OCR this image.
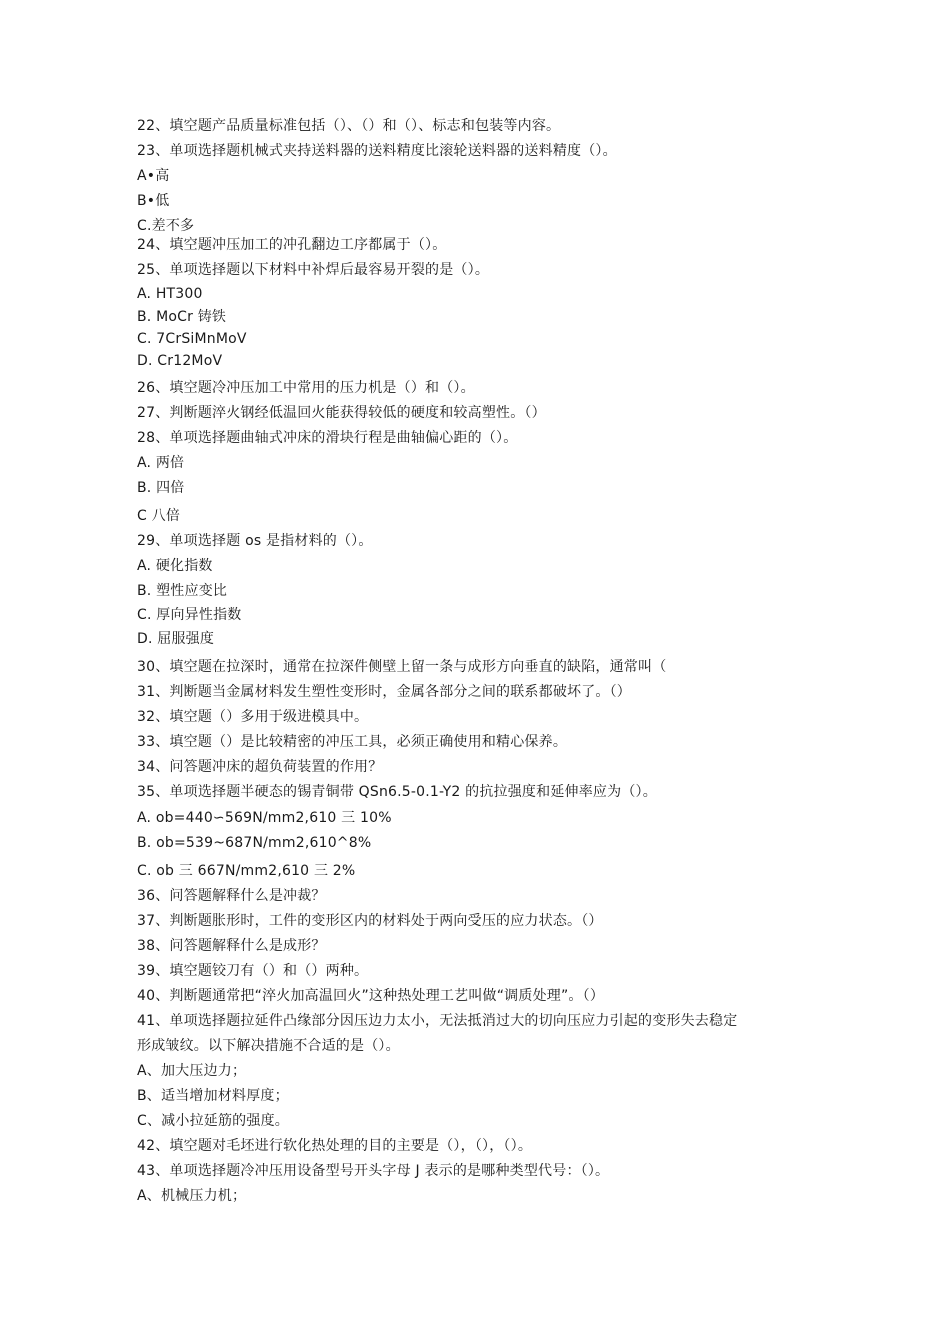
22、填空题产品质量标准包括（）、（）和（）、标志和包装等内容。
23、单项选择题机械式夹持送料器的送料精度比滚轮送料器的送料精度（）。
A•高
B•低
C.差不多
24、填空题冲压加工的冲孔翻边工序都属于（）。
25、单项选择题以下材料中补焊后最容易开裂的是（）。
A. HT300
B. MoCr 铸铁
C. 7CrSiMnMoV
D. Cr12MoV
26、填空题冷冲压加工中常用的压力机是（）和（）。
27、判断题淬火钢经低温回火能获得较低的硬度和较高塑性。（）
28、单项选择题曲轴式冲床的滑块行程是曲轴偏心距的（）。
A. 两倍
B. 四倍
C 八倍
29、单项选择题 os 是指材料的（）。
A. 硬化指数
B. 塑性应变比
C. 厚向异性指数
D. 屈服强度
30、填空题在拉深时，通常在拉深件侧壁上留一条与成形方向垂直的缺陷，通常叫（
31、判断题当金属材料发生塑性变形时，金属各部分之间的联系都破坏了。（）
32、填空题（）多用于级进模具中。
33、填空题（）是比较精密的冲压工具，必须正确使用和精心保养。
34、问答题冲床的超负荷装置的作用？
35、单项选择题半硬态的锡青铜带 QSn6.5-0.1-Y2 的抗拉强度和延伸率应为（）。
A. ob=440∽569N/mm2,610 三 10%
B. ob=539~687N/mm2,610^8%
C. ob 三 667N/mm2,610 三 2%
36、问答题解释什么是冲裁？
37、判断题胀形时，工件的变形区内的材料处于两向受压的应力状态。（）
38、问答题解释什么是成形？
39、填空题铰刀有（）和（）两种。
40、判断题通常把“淬火加高温回火”这种热处理工艺叫做“调质处理”。（）
41、单项选择题拉延件凸缘部分因压边力太小，无法抵消过大的切向压应力引起的变形失去稳定
形成皱纹。以下解决措施不合适的是（）。
A、加大压边力；
B、适当增加材料厚度；
C、减小拉延筋的强度。
42、填空题对毛坯进行软化热处理的目的主要是（），（），（）。
43、单项选择题冷冲压用设备型号开头字母 J 表示的是哪种类型代号：（）。
A、机械压力机；
